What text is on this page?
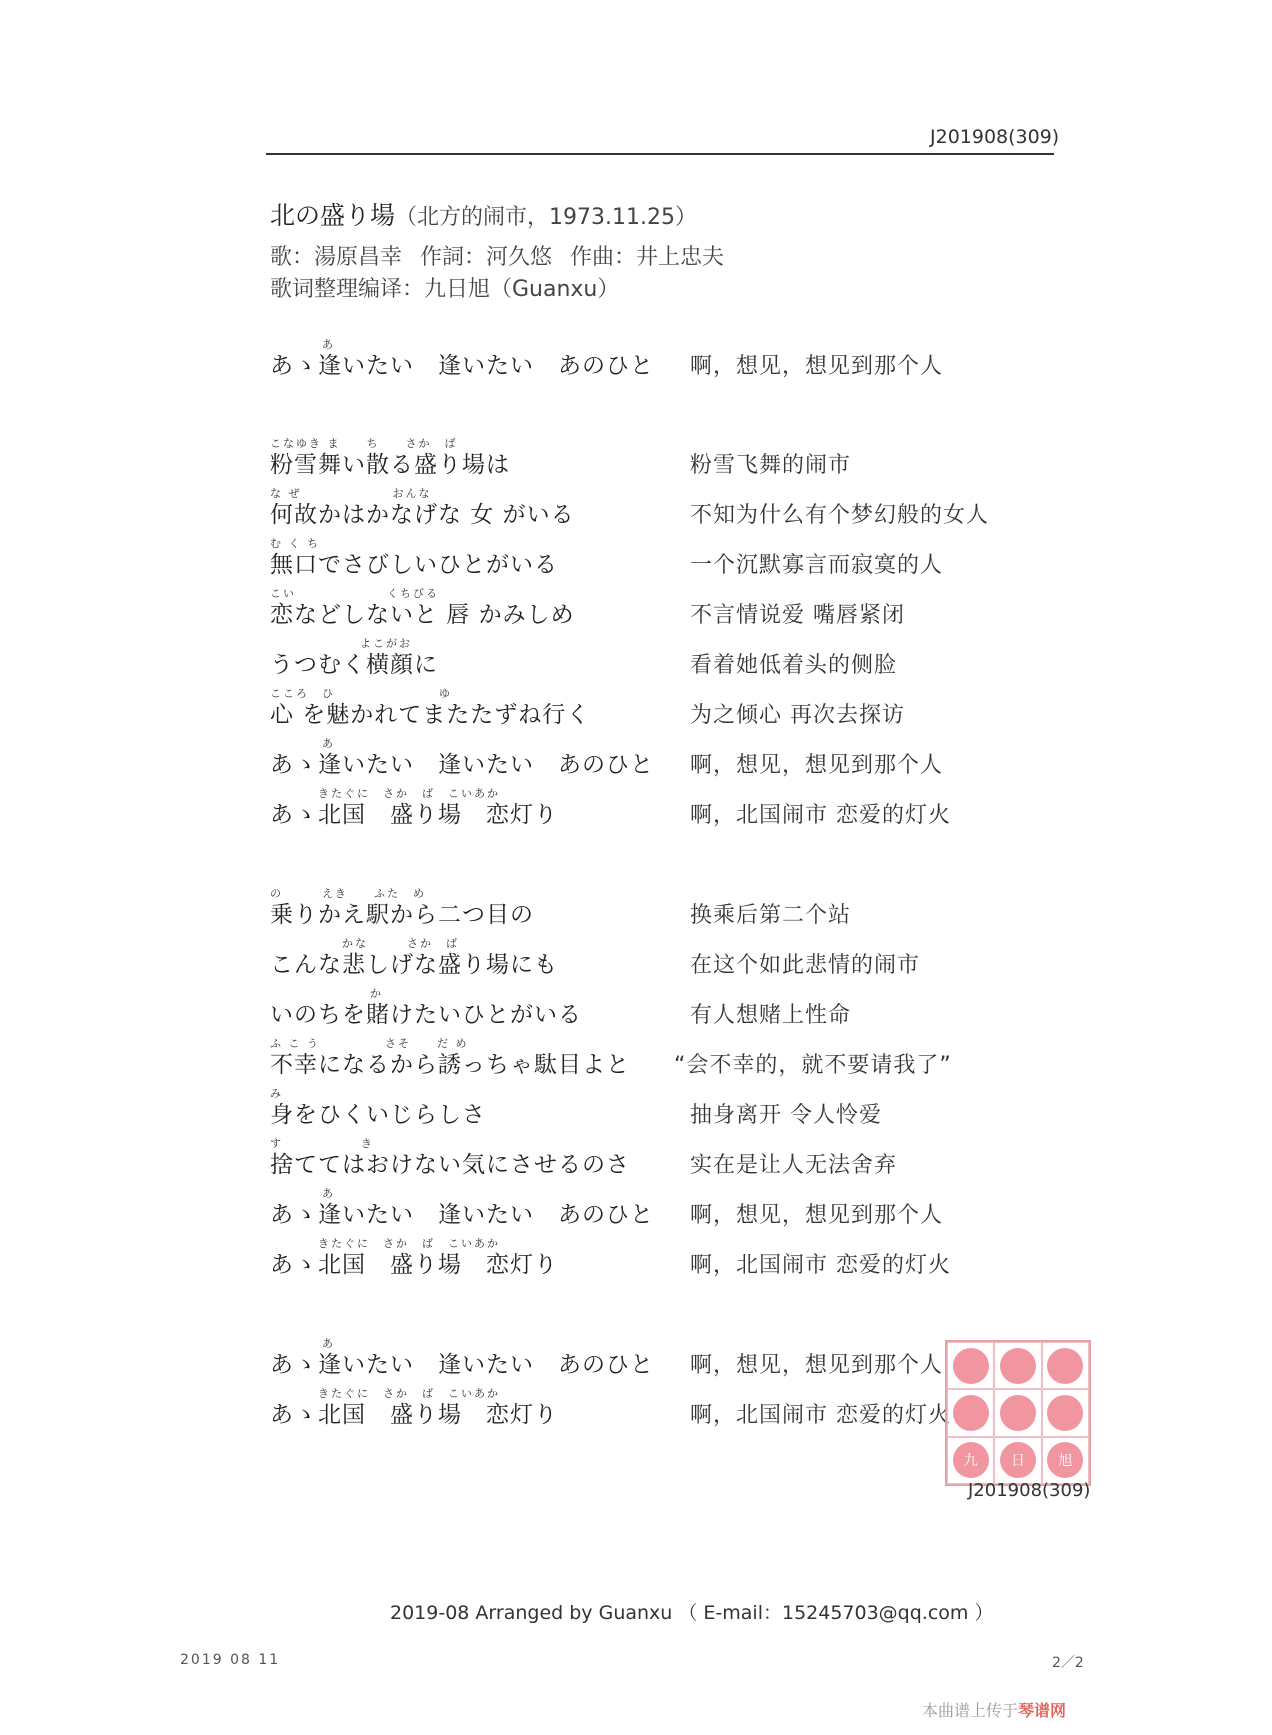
J201908(309)
北の盛り場（北方的闹市，1973.11.25）
歌：湯原昌幸 作詞：河久悠 作曲：井上忠夫
歌词整理编译：九日旭（Guanxu）
あ
あゝ逢いたい　逢いたい　あのひと 啊，想见，想见到那个人
こなゆき ま　　ち　　さか　ば
粉雪舞い散る盛り場は	粉雪飞舞的闹市
な ぜ　　　　　　　おんな
何故かはかなげな 女 がいる	不知为什么有个梦幻般的女人
む く ち
無口でさびしいひとがいる	一个沉默寡言而寂寞的人
こい　　　　　　　くちびる
恋などしないと 唇 かみしめ	不言情说爱 嘴唇紧闭
よこがお
うつむく横顔に	看着她低着头的侧脸
こころ　ひ　　　　　　　　ゆ
心 を魅かれてまたたずね行く	为之倾心 再次去探访
あ
あゝ逢いたい　逢いたい　あのひと 啊，想见，想见到那个人
きたぐに　さか　ば　こいあか
あゝ北国　盛り場　恋灯り	啊，北国闹市 恋爱的灯火
の　　　えき　　ふた　め
乗りかえ駅から二つ目の	换乘后第二个站
かな　　　さか　ば
こんな悲しげな盛り場にも	在这个如此悲情的闹市
か
いのちを賭けたいひとがいる	有人想赌上性命
ふ こ う　　　　　さそ　　だ め
不幸になるから誘っちゃ駄目よと “会不幸的，就不要请我了”
み
身をひくいじらしさ	抽身离开 令人怜爱
す　　　　　　き
捨ててはおけない気にさせるのさ	实在是让人无法舍弃
あ
あゝ逢いたい　逢いたい　あのひと 啊，想见，想见到那个人
きたぐに　さか　ば　こいあか
あゝ北国　盛り場　恋灯り	啊，北国闹市 恋爱的灯火
あ
あゝ逢いたい　逢いたい　あのひと 啊，想见，想见到那个人
きたぐに　さか　ば　こいあか
あゝ北国　盛り場　恋灯り	啊，北国闹市 恋爱的灯火
九	日	旭
J201908(309)
2019-08 Arranged by Guanxu （ E-mail：15245703@qq.com ）
2019 08 11	2／2
本曲谱上传于琴谱网
